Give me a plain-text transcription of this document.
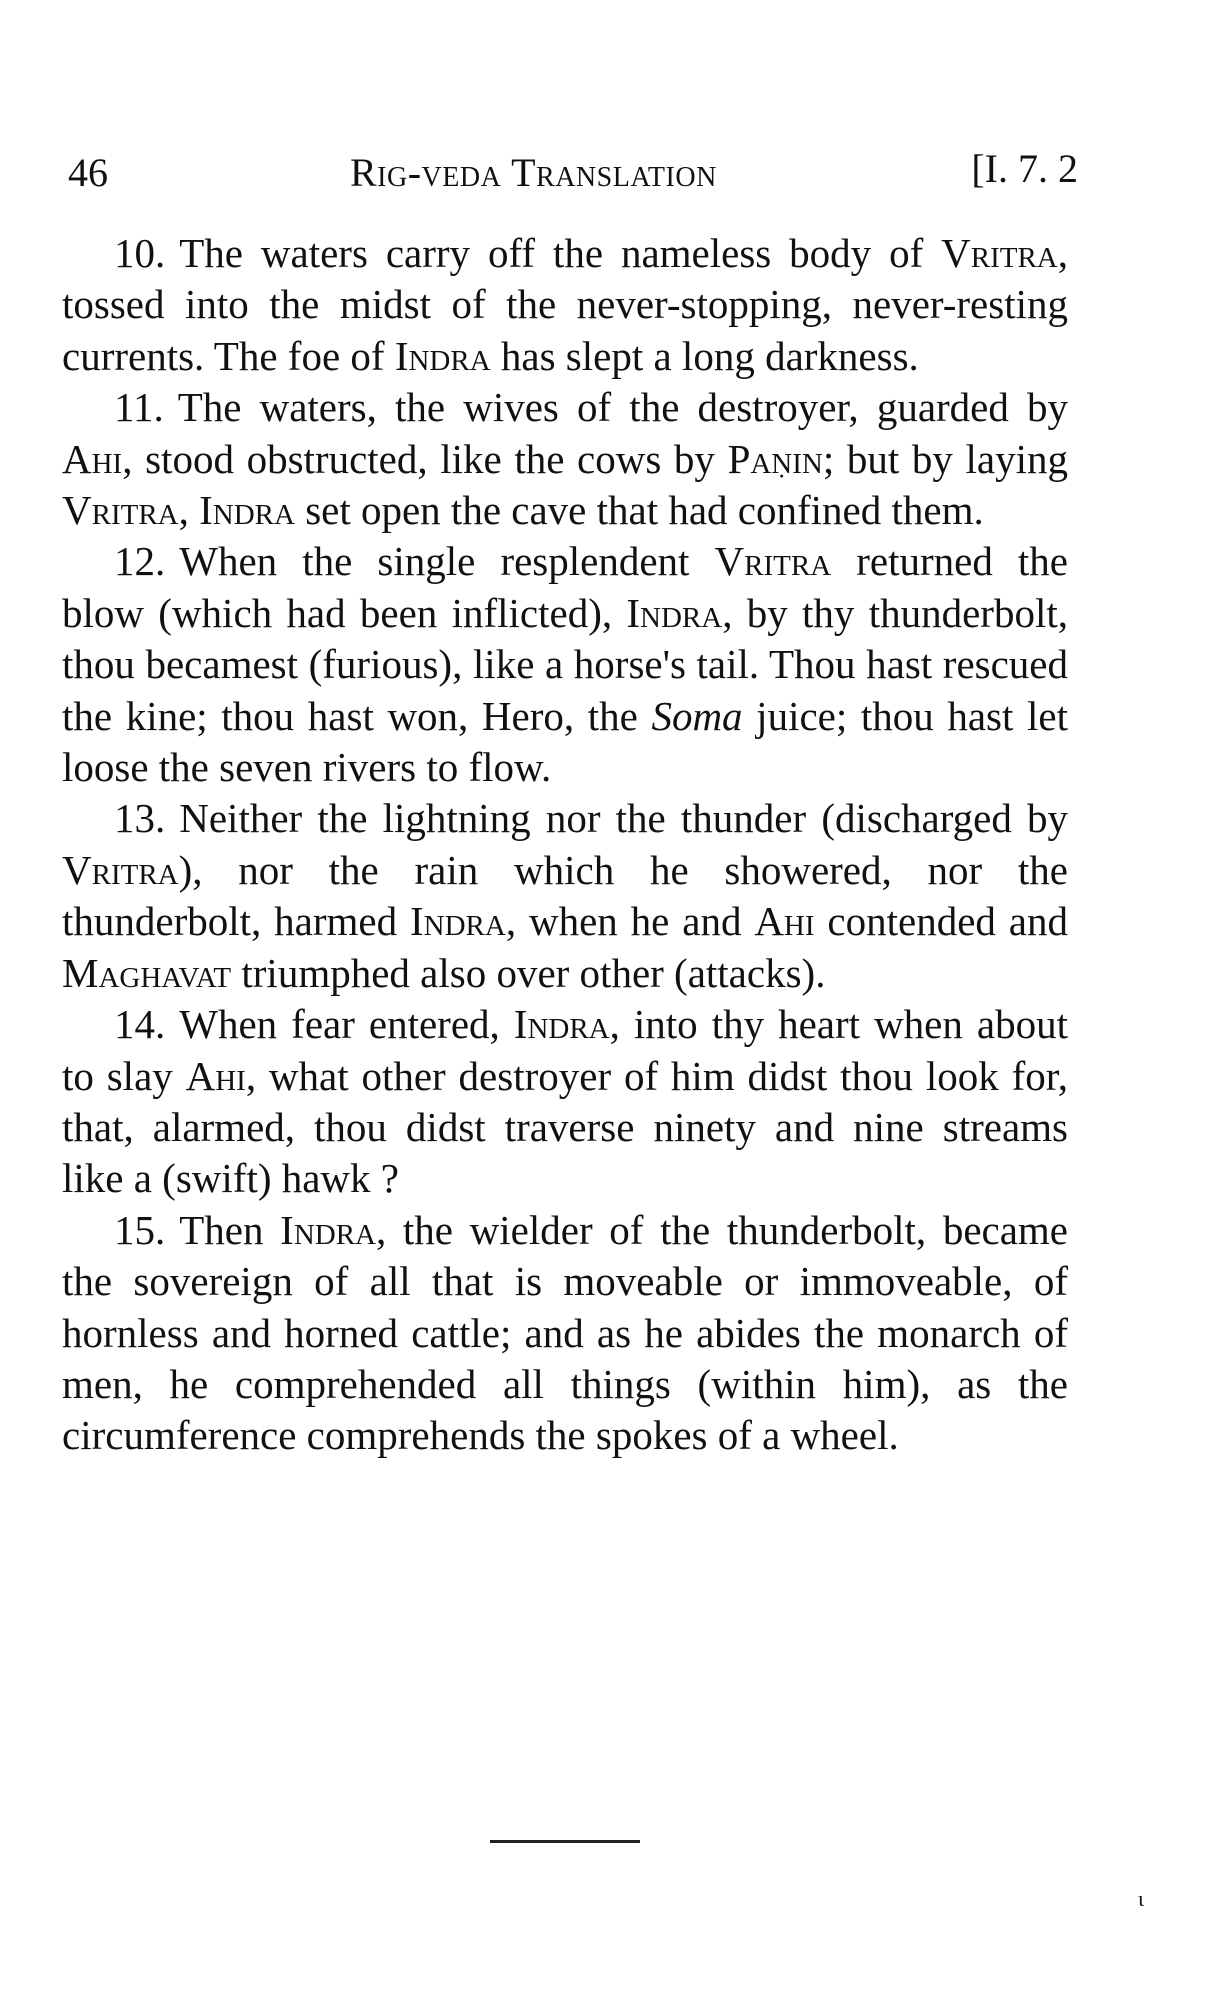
46	Rig-veda Translation	[I. 7. 2

10. The waters carry off the nameless body of Vritra, tossed into the midst of the never-stopping, never-resting currents. The foe of Indra has slept a long darkness.

11. The waters, the wives of the destroyer, guarded by Ahi, stood obstructed, like the cows by Paṇin; but by laying Vritra, Indra set open the cave that had confined them.

12. When the single resplendent Vritra returned the blow (which had been inflicted), Indra, by thy thunderbolt, thou becamest (furious), like a horse's tail. Thou hast rescued the kine; thou hast won, Hero, the Soma juice; thou hast let loose the seven rivers to flow.

13. Neither the lightning nor the thunder (discharged by Vritra), nor the rain which he showered, nor the thunderbolt, harmed Indra, when he and Ahi contended and Maghavat triumphed also over other (attacks).

14. When fear entered, Indra, into thy heart when about to slay Ahi, what other destroyer of him didst thou look for, that, alarmed, thou didst traverse ninety and nine streams like a (swift) hawk ?

15. Then Indra, the wielder of the thunderbolt, became the sovereign of all that is moveable or immoveable, of hornless and horned cattle; and as he abides the monarch of men, he comprehended all things (within him), as the circumference comprehends the spokes of a wheel.

ι
